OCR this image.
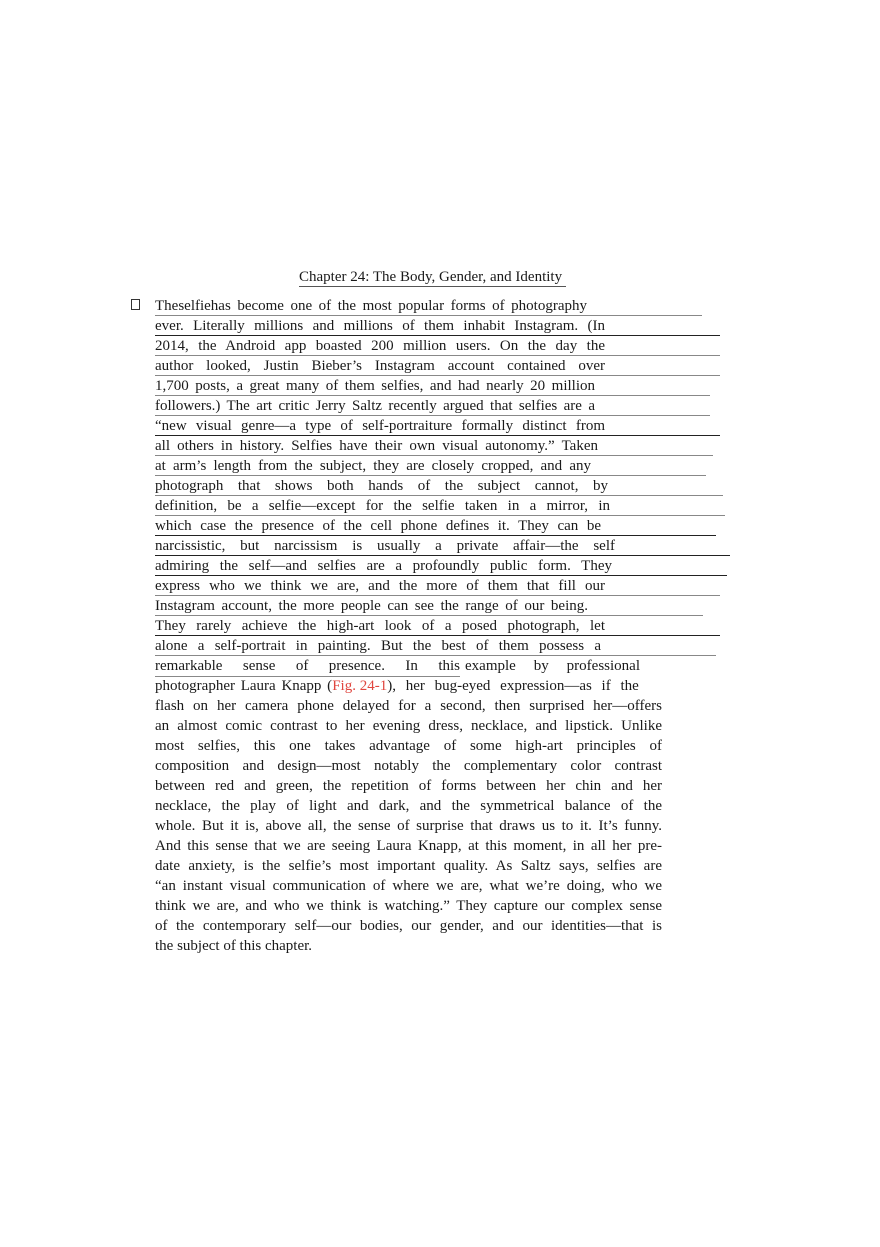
Chapter 24: The Body, Gender, and Identity
Theselfiehas become one of the most popular forms of photography
ever. Literally millions and millions of them inhabit Instagram. (In
2014, the Android app boasted 200 million users. On the day the
author looked, Justin Bieber’s Instagram account contained over
1,700 posts, a great many of them selfies, and had nearly 20 million
followers.) The art critic Jerry Saltz recently argued that selfies are a
“new visual genre—a type of self-portraiture formally distinct from
all others in history. Selfies have their own visual autonomy.” Taken
at arm’s length from the subject, they are closely cropped, and any
photograph that shows both hands of the subject cannot, by
definition, be a selfie—except for the selfie taken in a mirror, in
which case the presence of the cell phone defines it. They can be
narcissistic, but narcissism is usually a private affair—the self
admiring the self—and selfies are a profoundly public form. They
express who we think we are, and the more of them that fill our
Instagram account, the more people can see the range of our being.
They rarely achieve the high-art look of a posed photograph, let
alone a self-portrait in painting. But the best of them possess a
remarkable sense of presence. In this example by professional
photographer Laura Knapp (Fig. 24-1), her bug-eyed expression—as if the
flash on her camera phone delayed for a second, then surprised her—offers
an almost comic contrast to her evening dress, necklace, and lipstick. Unlike
most selfies, this one takes advantage of some high-art principles of
composition and design—most notably the complementary color contrast
between red and green, the repetition of forms between her chin and her
necklace, the play of light and dark, and the symmetrical balance of the
whole. But it is, above all, the sense of surprise that draws us to it. It’s funny.
And this sense that we are seeing Laura Knapp, at this moment, in all her pre-
date anxiety, is the selfie’s most important quality. As Saltz says, selfies are
“an instant visual communication of where we are, what we’re doing, who we
think we are, and who we think is watching.” They capture our complex sense
of the contemporary self—our bodies, our gender, and our identities—that is
the subject of this chapter.
